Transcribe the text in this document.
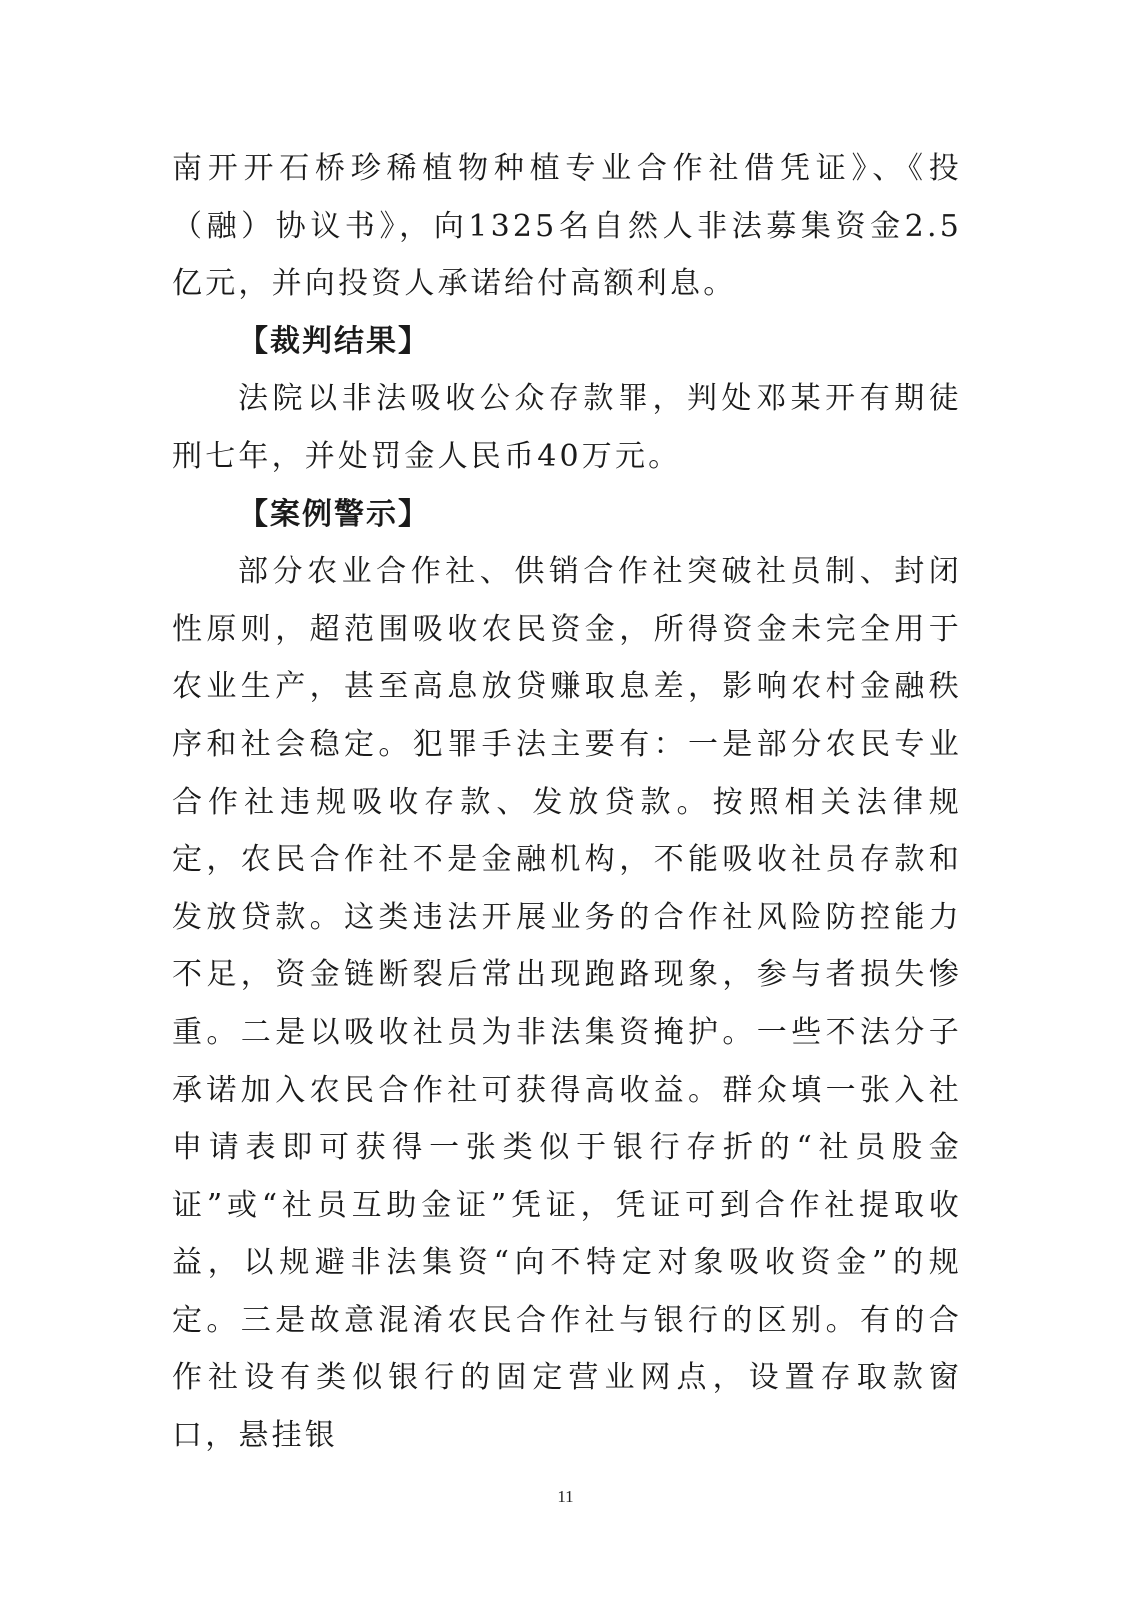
南开开石桥珍稀植物种植专业合作社借凭证》、《投（融）协议书》，向1325名自然人非法募集资金2.5亿元，并向投资人承诺给付高额利息。

【裁判结果】

法院以非法吸收公众存款罪，判处邓某开有期徒刑七年，并处罚金人民币40万元。

【案例警示】

部分农业合作社、供销合作社突破社员制、封闭性原则，超范围吸收农民资金，所得资金未完全用于农业生产，甚至高息放贷赚取息差，影响农村金融秩序和社会稳定。犯罪手法主要有：一是部分农民专业合作社违规吸收存款、发放贷款。按照相关法律规定，农民合作社不是金融机构，不能吸收社员存款和发放贷款。这类违法开展业务的合作社风险防控能力不足，资金链断裂后常出现跑路现象，参与者损失惨重。二是以吸收社员为非法集资掩护。一些不法分子承诺加入农民合作社可获得高收益。群众填一张入社申请表即可获得一张类似于银行存折的“社员股金证”或“社员互助金证”凭证，凭证可到合作社提取收益，以规避非法集资“向不特定对象吸收资金”的规定。三是故意混淆农民合作社与银行的区别。有的合作社设有类似银行的固定营业网点，设置存取款窗口，悬挂银

11
